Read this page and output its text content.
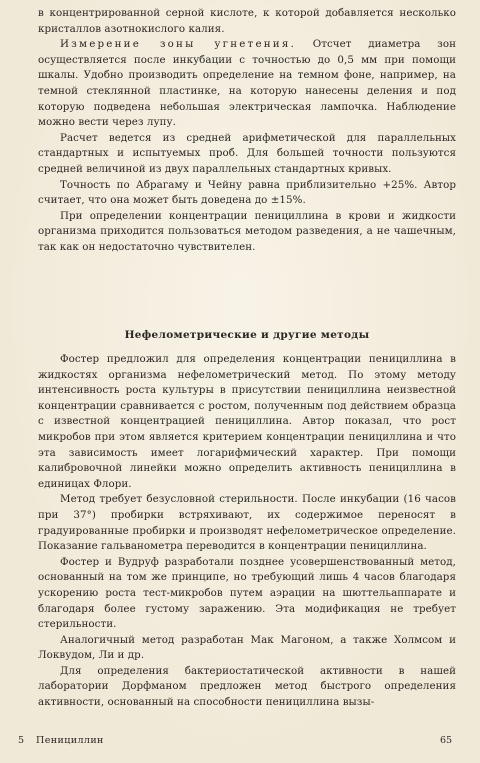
в концентрированной серной кислоте, к которой добавляется несколько кристаллов азотнокислого калия.

Измерение зоны угнетения. Отсчет диаметра зон осуществляется после инкубации с точностью до 0,5 мм при помощи шкалы. Удобно производить определение на темном фоне, например, на темной стеклянной пластинке, на которую нанесены деления и под которую подведена небольшая электрическая лампочка. Наблюдение можно вести через лупу.

Расчет ведется из средней арифметической для параллельных стандартных и испытуемых проб. Для большей точности пользуются средней величиной из двух параллельных стандартных кривых.

Точность по Абрагаму и Чейну равна приблизительно +25%. Автор считает, что она может быть доведена до ±15%.

При определении концентрации пенициллина в крови и жидкости организма приходится пользоваться методом разведения, а не чашечным, так как он недостаточно чувствителен.

Нефелометрические и другие методы

Фостер предложил для определения концентрации пенициллина в жидкостях организма нефелометрический метод. По этому методу интенсивность роста культуры в присутствии пенициллина неизвестной концентрации сравнивается с ростом, полученным под действием образца с известной концентрацией пенициллина. Автор показал, что рост микробов при этом является критерием концентрации пенициллина и что эта зависимость имеет логарифмический характер. При помощи калибровочной линейки можно определить активность пенициллина в единицах Флори.

Метод требует безусловной стерильности. После инкубации (16 часов при 37°) пробирки встряхивают, их содержимое переносят в градуированные пробирки и производят нефелометрическое определение. Показание гальванометра переводится в концентрации пенициллина.

Фостер и Вудруф разработали позднее усовершенствованный метод, основанный на том же принципе, но требующий лишь 4 часов благодаря ускорению роста тест-микробов путем аэрации на шюттельаппарате и благодаря более густому заражению. Эта модификация не требует стерильности.

Аналогичный метод разработан Мак Магоном, а также Холмсом и Локвудом, Ли и др.

Для определения бактериостатической активности в нашей лаборатории Дорфманом предложен метод быстрого определения активности, основанный на способности пенициллина вызы-

5 Пенициллин	65
